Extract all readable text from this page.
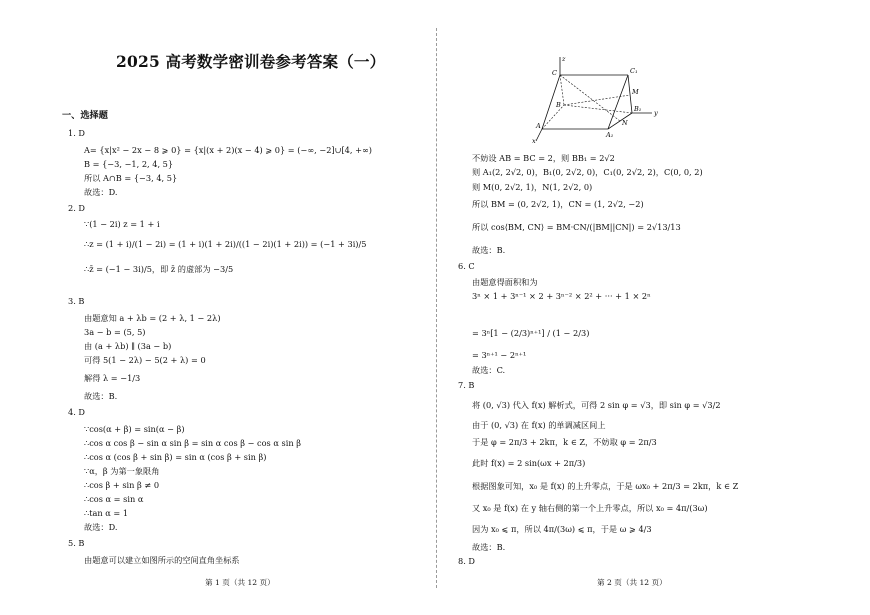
2025 高考数学密训卷参考答案（一）
一、选择题
1. D
A= {x|x² − 2x − 8 ⩾ 0} = {x|(x + 2)(x − 4) ⩾ 0} = (−∞, −2]∪[4, +∞)
B = {−3, −1, 2, 4, 5}
所以 A∩B = {−3, 4, 5}
故选：D.
2. D
∵(1 − 2i) z = 1 + i
∴z = (1 + i)/(1 − 2i) = (1 + i)(1 + 2i)/((1 − 2i)(1 + 2i)) = (−1 + 3i)/5
∴z̄ = (−1 − 3i)/5，即 z̄ 的虚部为 −3/5
3. B
由题意知 a + λb = (2 + λ, 1 − 2λ)
3a − b = (5, 5)
由 (a + λb) ∥ (3a − b)
可得 5(1 − 2λ) − 5(2 + λ) = 0
解得 λ = −1/3
故选：B.
4. D
∵cos(α + β) = sin(α − β)
∴cos α cos β − sin α sin β = sin α cos β − cos α sin β
∴cos α (cos β + sin β) = sin α (cos β + sin β)
∵α，β 为第一象限角
∴cos β + sin β ≠ 0
∴cos α = sin α
∴tan α = 1
故选：D.
5. B
由题意可以建立如图所示的空间直角坐标系
第 1 页（共 12 页）
z
y
x
C	C₁
B	B₁
A
A₁
M
N
不妨设 AB = BC = 2，则 BB₁ = 2√2
则 A₁(2, 2√2, 0)，B₁(0, 2√2, 0)，C₁(0, 2√2, 2)，C(0, 0, 2)
则 M(0, 2√2, 1)，N(1, 2√2, 0)
所以 BM = (0, 2√2, 1)，CN = (1, 2√2, −2)
所以 cos⟨BM, CN⟩ = BM·CN/(|BM||CN|) = 2√13/13
故选：B.
6. C
由题意得面积和为
3ⁿ × 1 + 3ⁿ⁻¹ × 2 + 3ⁿ⁻² × 2² + ··· + 1 × 2ⁿ
= 3ⁿ[1 − (2/3)ⁿ⁺¹] / (1 − 2/3)
= 3ⁿ⁺¹ − 2ⁿ⁺¹
故选：C.
7. B
将 (0, √3) 代入 f(x) 解析式，可得 2 sin φ = √3，即 sin φ = √3/2
由于 (0, √3) 在 f(x) 的单调减区间上
于是 φ = 2π/3 + 2kπ，k ∈ Z，不妨取 φ = 2π/3
此时 f(x) = 2 sin(ωx + 2π/3)
根据图象可知，x₀ 是 f(x) 的上升零点，于是 ωx₀ + 2π/3 = 2kπ，k ∈ Z
又 x₀ 是 f(x) 在 y 轴右侧的第一个上升零点，所以 x₀ = 4π/(3ω)
因为 x₀ ⩽ π，所以 4π/(3ω) ⩽ π，于是 ω ⩾ 4/3
故选：B.
8. D
第 2 页（共 12 页）
